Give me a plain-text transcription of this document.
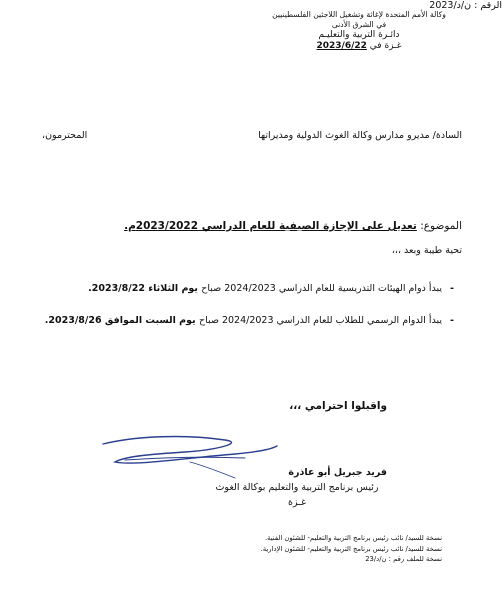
وكالة الأمم المتحدة لإغاثة وتشغيل اللاجئين الفلسطينيين
في الشرق الأدنى
دائـرة التربية والتعليـم
غـزة في 2023/6/22
الرقم : ن/د/2023
السادة/ مديرو مدارس وكالة الغوث الدولية ومديراتها
المحترمون،
الموضوع: تعديل على الإجازة الصيفية للعام الدراسي 2023/2022م.
تحية طيبة وبعد ،،،
-
يبدأ دوام الهيئات التدريسية للعام الدراسي 2024/2023 صباح يوم الثلاثاء 2023/8/22.
-
يبدأ الدوام الرسمي للطلاب للعام الدراسي 2024/2023 صباح يوم السبت الموافق 2023/8/26.
واقبلوا احترامي ،،،
فريد جبريل أبو عاذرة
رئيس برنامج التربية والتعليم بوكالة الغوث
غـزة
نسخة للسيد/ نائب رئيس برنامج التربية والتعليم- للشئون الفنية.
نسخة للسيد/ نائب رئيس برنامج التربية والتعليم- للشئون الإدارية.
نسخة للملف رقم : ن/د/23
